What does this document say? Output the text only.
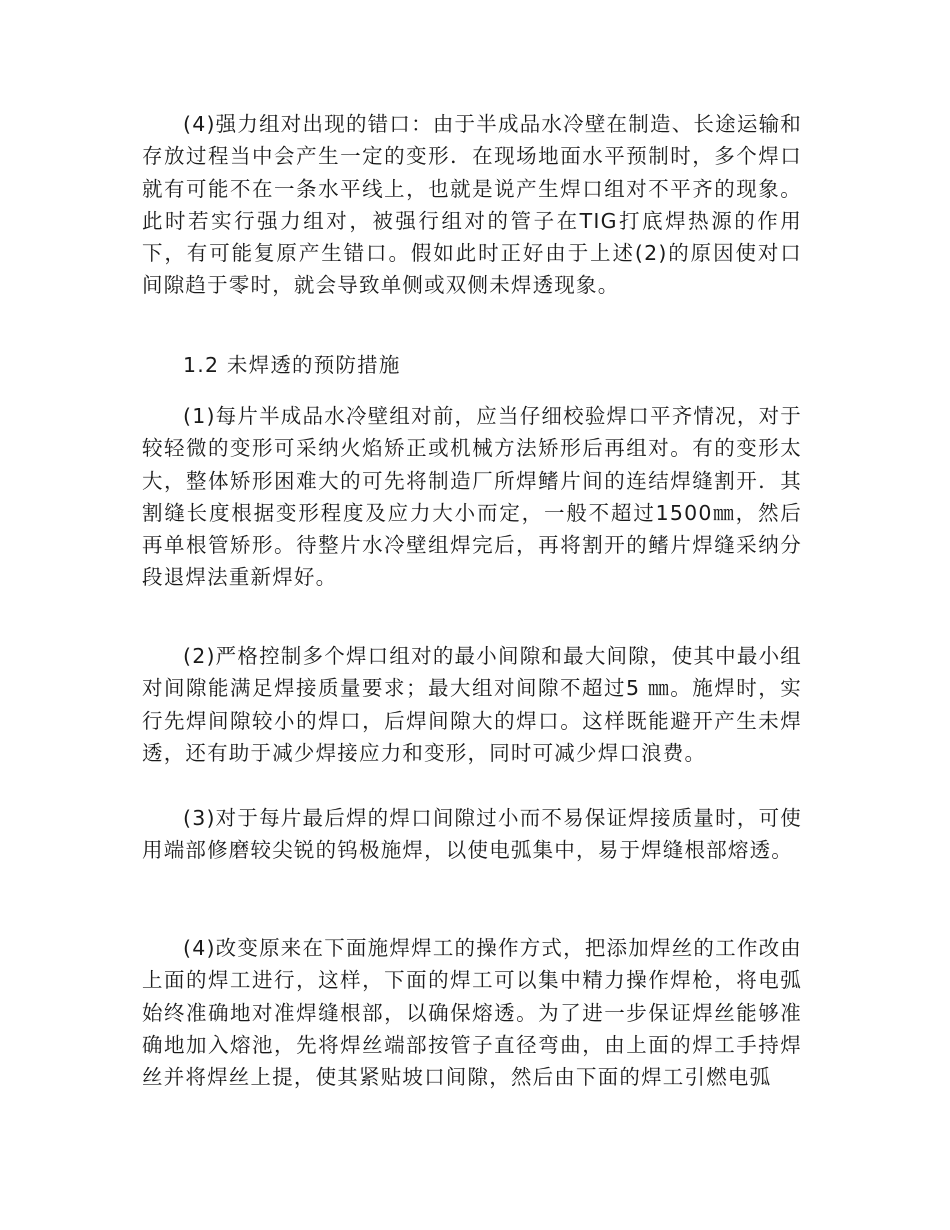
(4)强力组对出现的错口：由于半成品水冷壁在制造、长途运输和存放过程当中会产生一定的变形．在现场地面水平预制时，多个焊口就有可能不在一条水平线上，也就是说产生焊口组对不平齐的现象。此时若实行强力组对，被强行组对的管子在TIG打底焊热源的作用下，有可能复原产生错口。假如此时正好由于上述(2)的原因使对口间隙趋于零时，就会导致单侧或双侧未焊透现象。

1.2 未焊透的预防措施

(1)每片半成品水冷壁组对前，应当仔细校验焊口平齐情况，对于较轻微的变形可采纳火焰矫正或机械方法矫形后再组对。有的变形太大，整体矫形困难大的可先将制造厂所焊鳍片间的连结焊缝割开．其割缝长度根据变形程度及应力大小而定，一般不超过1500㎜，然后再单根管矫形。待整片水冷壁组焊完后，再将割开的鳍片焊缝采纳分段退焊法重新焊好。

(2)严格控制多个焊口组对的最小间隙和最大间隙，使其中最小组对间隙能满足焊接质量要求；最大组对间隙不超过5 ㎜。施焊时，实行先焊间隙较小的焊口，后焊间隙大的焊口。这样既能避开产生未焊透，还有助于减少焊接应力和变形，同时可减少焊口浪费。

(3)对于每片最后焊的焊口间隙过小而不易保证焊接质量时，可使用端部修磨较尖锐的钨极施焊，以使电弧集中，易于焊缝根部熔透。

(4)改变原来在下面施焊焊工的操作方式，把添加焊丝的工作改由上面的焊工进行，这样，下面的焊工可以集中精力操作焊枪，将电弧始终准确地对准焊缝根部，以确保熔透。为了进一步保证焊丝能够准确地加入熔池，先将焊丝端部按管子直径弯曲，由上面的焊工手持焊丝并将焊丝上提，使其紧贴坡口间隙，然后由下面的焊工引燃电弧
